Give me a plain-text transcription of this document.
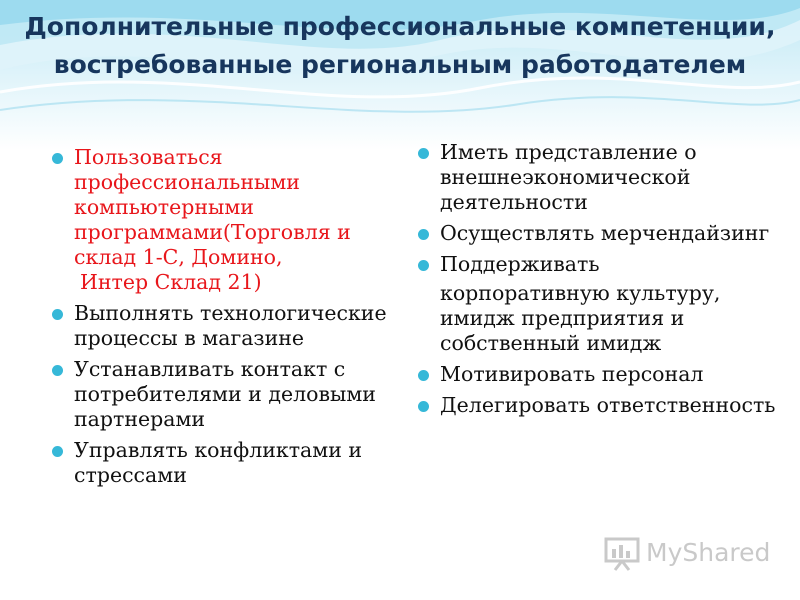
Дополнительные профессиональные компетенции, востребованные региональным работодателем
Пользоваться профессиональными компьютерными программами(Торговля и склад 1-С, Домино,
Интер Склад 21)
Выполнять технологические процессы в магазине
Устанавливать контакт с потребителями и деловыми партнерами
Управлять конфликтами и стрессами
Иметь представление о внешнеэкономической деятельности
Осуществлять мерчендайзинг
Поддерживать
корпоративную культуру, имидж предприятия и собственный имидж
Мотивировать персонал
Делегировать ответственность
MyShared
